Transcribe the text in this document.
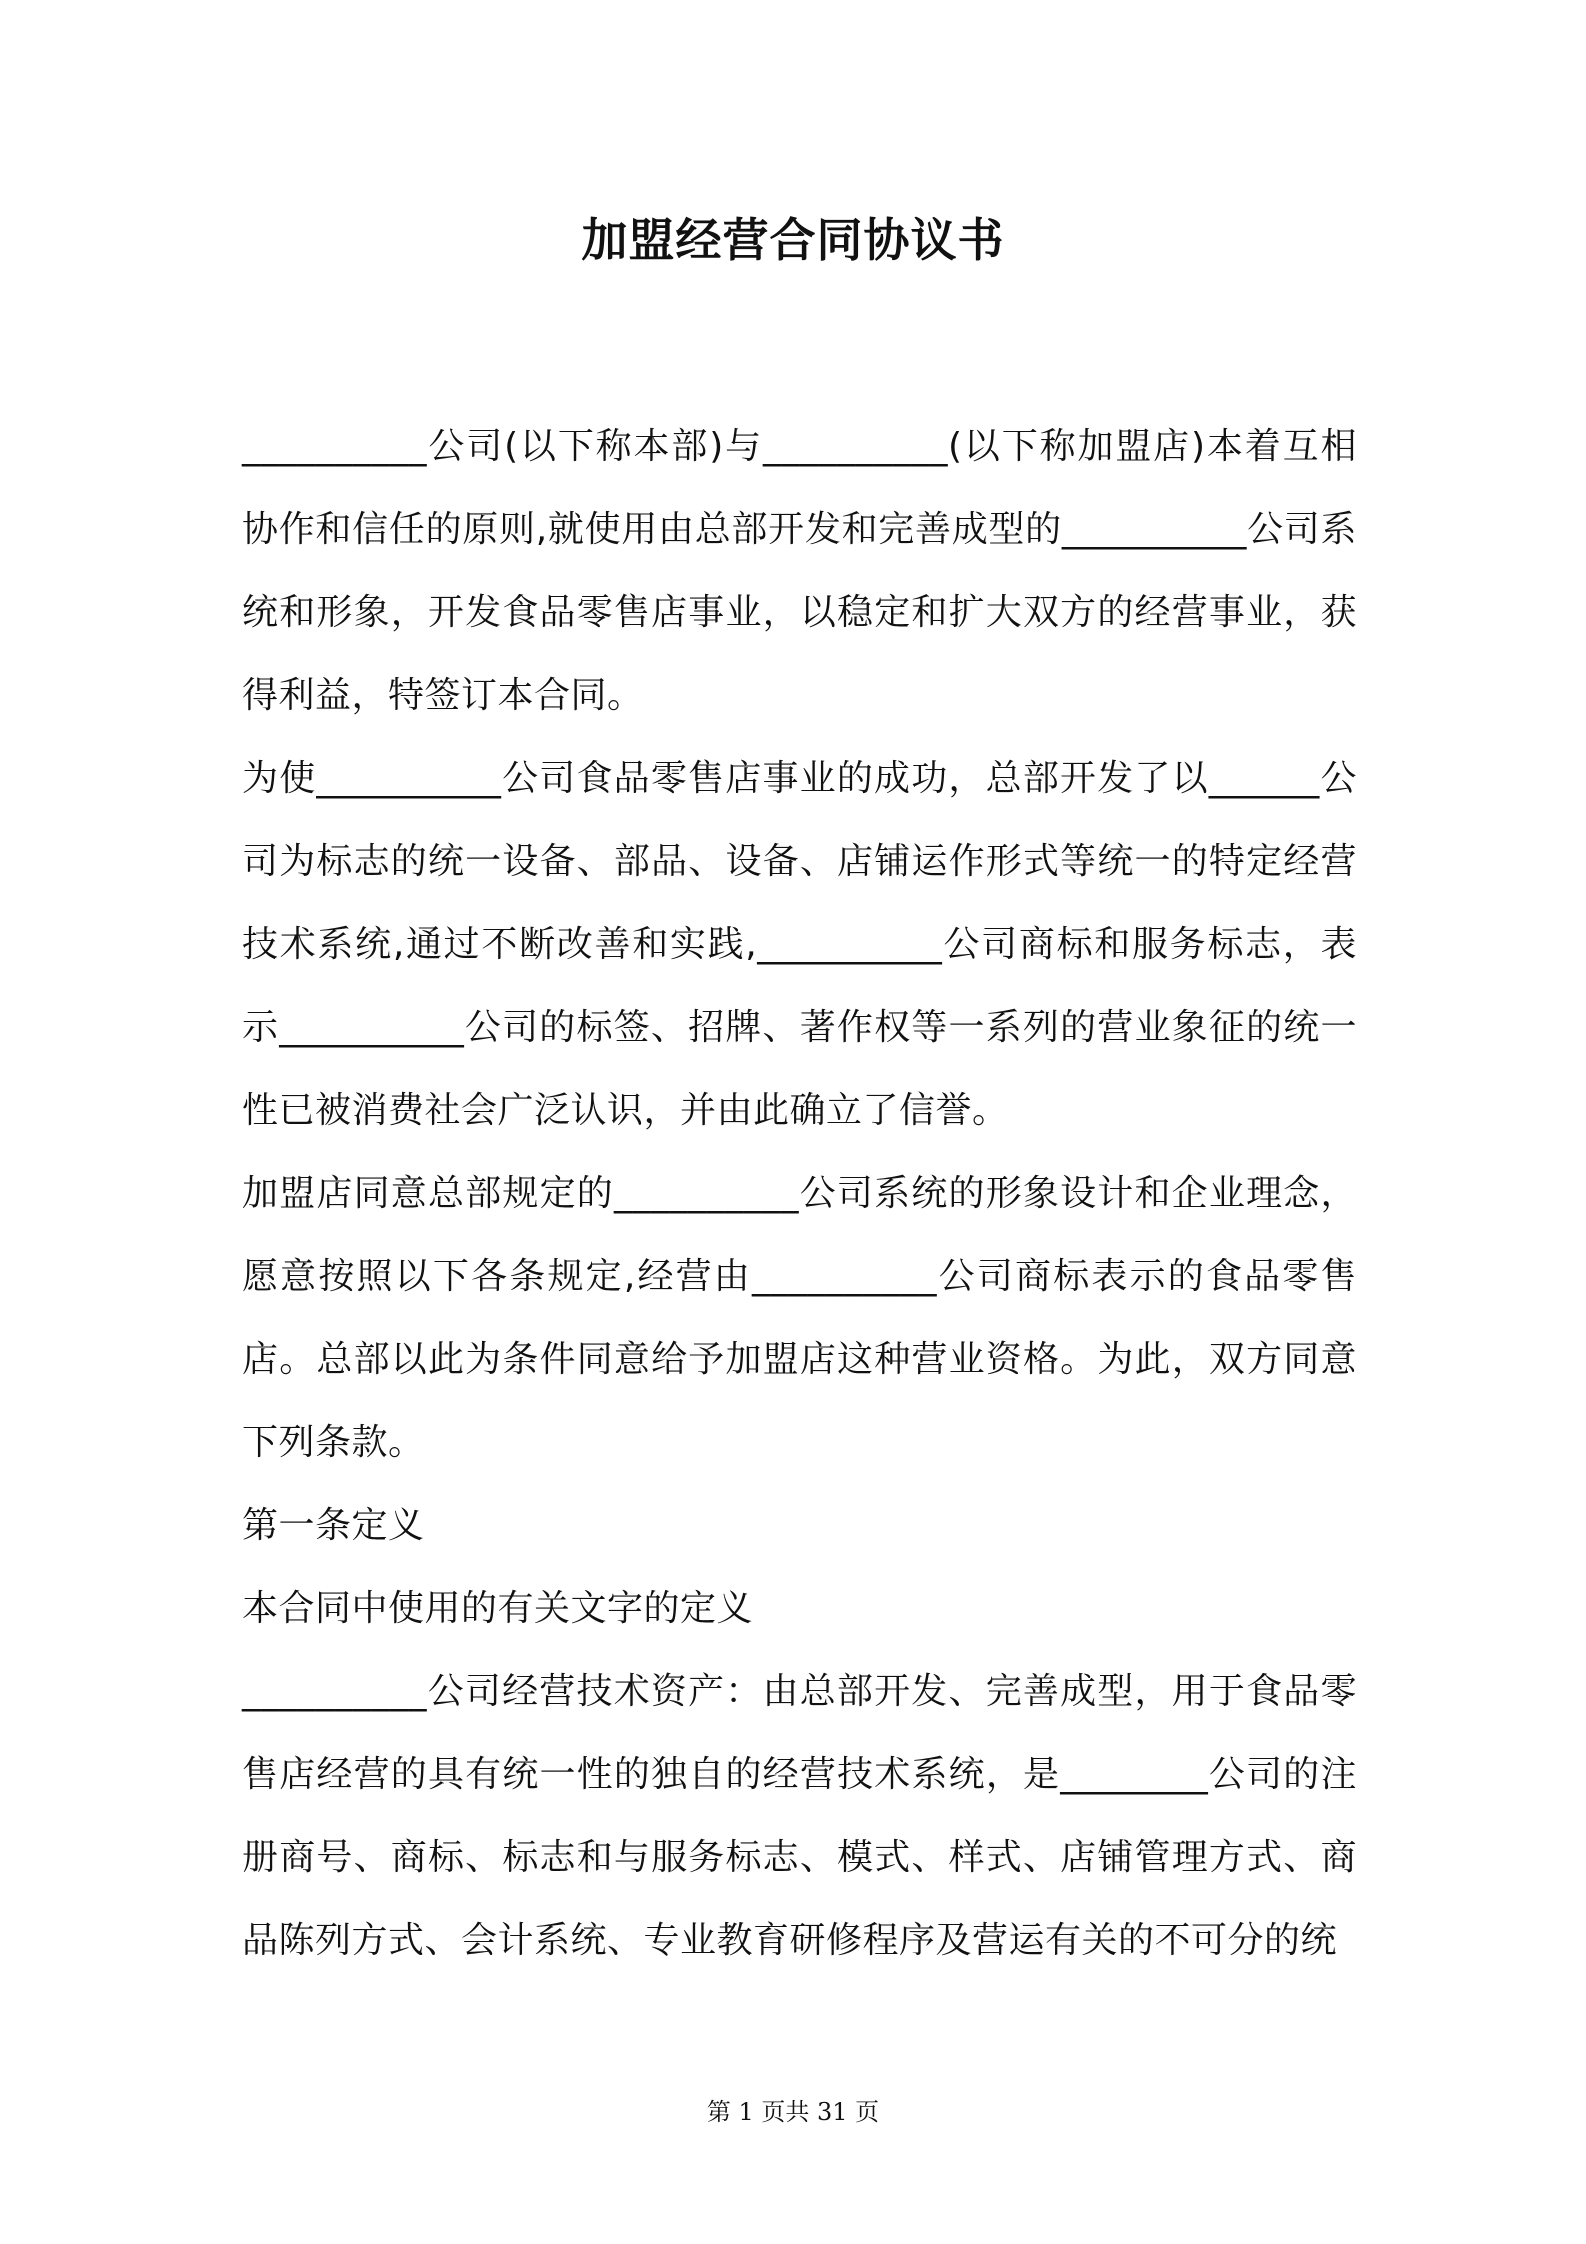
加盟经营合同协议书

__________公司(以下称本部)与__________(以下称加盟店)本着互相协作和信任的原则,就使用由总部开发和完善成型的__________公司系统和形象，开发食品零售店事业，以稳定和扩大双方的经营事业，获得利益，特签订本合同。

为使__________公司食品零售店事业的成功，总部开发了以______公司为标志的统一设备、部品、设备、店铺运作形式等统一的特定经营技术系统,通过不断改善和实践,__________公司商标和服务标志，表示__________公司的标签、招牌、著作权等一系列的营业象征的统一性已被消费社会广泛认识，并由此确立了信誉。

加盟店同意总部规定的__________公司系统的形象设计和企业理念，愿意按照以下各条规定,经营由__________公司商标表示的食品零售店。总部以此为条件同意给予加盟店这种营业资格。为此，双方同意下列条款。

第一条定义

本合同中使用的有关文字的定义

__________公司经营技术资产：由总部开发、完善成型，用于食品零售店经营的具有统一性的独自的经营技术系统，是________公司的注册商号、商标、标志和与服务标志、模式、样式、店铺管理方式、商品陈列方式、会计系统、专业教育研修程序及营运有关的不可分的统

第 1 页共 31 页
